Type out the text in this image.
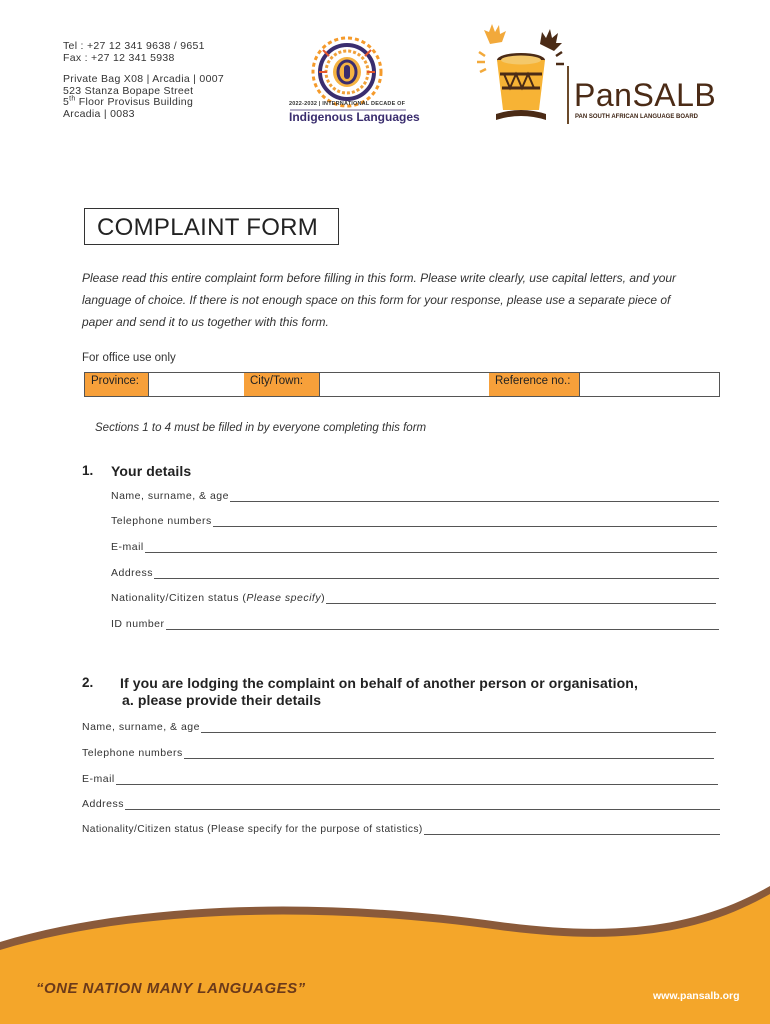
Tel : +27 12 341 9638 / 9651
Fax : +27 12 341 5938
Private Bag X08 | Arcadia | 0007
523 Stanza Bopape Street
5th Floor Provisus Building
Arcadia | 0083
2022-2032 | INTERNATIONAL DECADE OF
Indigenous Languages
PanSALB
PAN SOUTH AFRICAN LANGUAGE BOARD
COMPLAINT FORM
Please read this entire complaint form before filling in this form. Please write clearly, use capital letters, and your
language of choice. If there is not enough space on this form for your response, please use a separate piece of
paper and send it to us together with this form.
For office use only
Province:	City/Town:	Reference no.:
Sections 1 to 4 must be filled in by everyone completing this form
1. Your details
Name, surname, & age
Telephone numbers
E-mail
Address
Nationality/Citizen status (Please specify)
ID number
2. If you are lodging the complaint on behalf of another person or organisation,
a. please provide their details
Name, surname, & age
Telephone numbers
E-mail
Address
Nationality/Citizen status (Please specify for the purpose of statistics)
“ONE NATION MANY LANGUAGES”	www.pansalb.org
